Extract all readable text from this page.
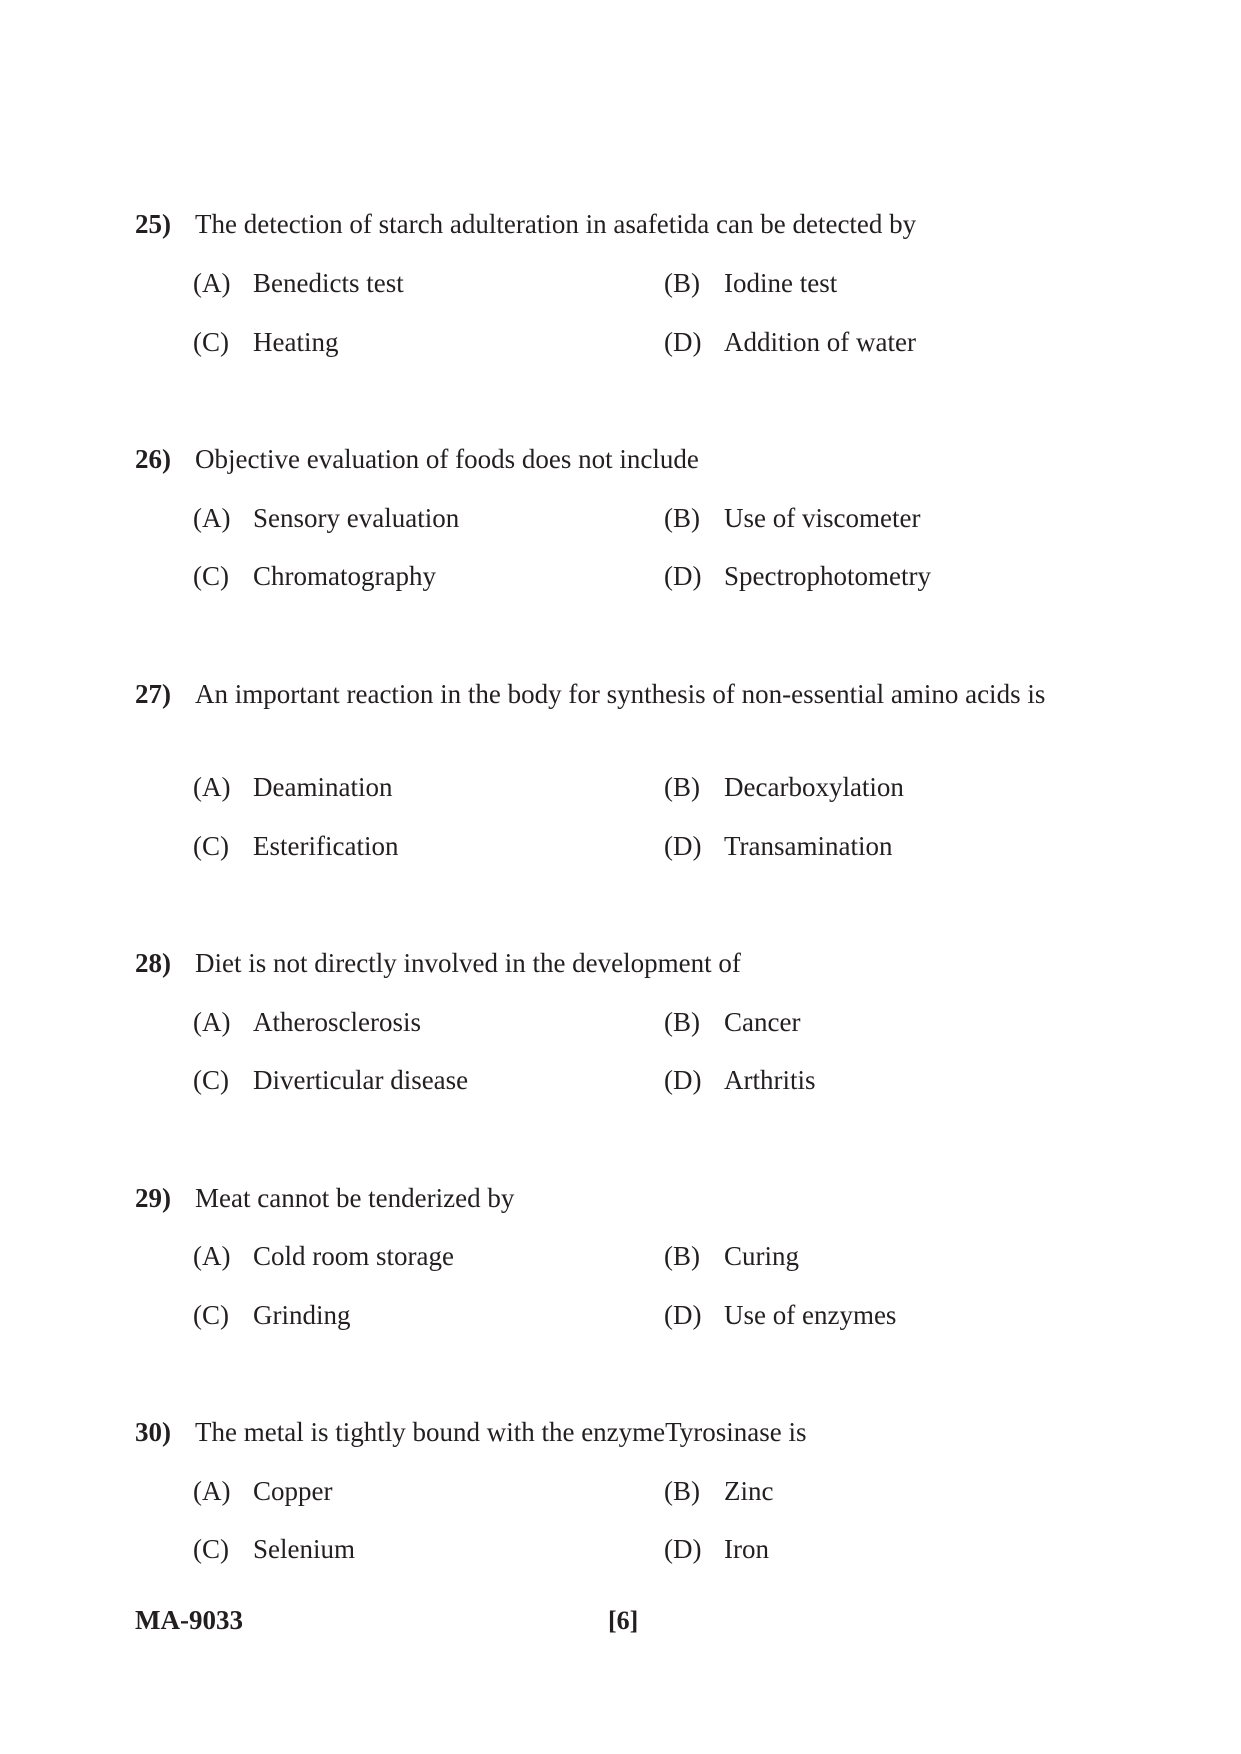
25) The detection of starch adulteration in asafetida can be detected by
(A) Benedicts test	(B) Iodine test
(C) Heating	(D) Addition of water
26) Objective evaluation of foods does not include
(A) Sensory evaluation	(B) Use of viscometer
(C) Chromatography	(D) Spectrophotometry
27) An important reaction in the body for synthesis of non-essential amino acids is
(A) Deamination	(B) Decarboxylation
(C) Esterification	(D) Transamination
28) Diet is not directly involved in the development of
(A) Atherosclerosis	(B) Cancer
(C) Diverticular disease	(D) Arthritis
29) Meat cannot be tenderized by
(A) Cold room storage	(B) Curing
(C) Grinding	(D) Use of enzymes
30) The metal is tightly bound with the enzymeTyrosinase is
(A) Copper	(B) Zinc
(C) Selenium	(D) Iron
MA-9033	[6]
